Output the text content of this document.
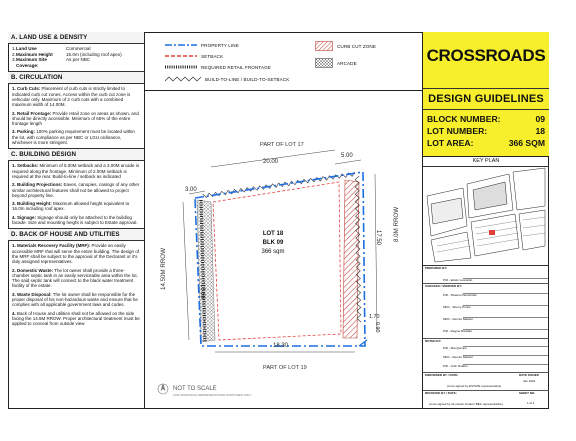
A. LAND USE & DENSITY
1. Land Use	Commercial
2. Maximum Height	16.0m (including roof apex)
3. Maximum Site Coverage:
As per NBC
B. CIRCULATION
1. Curb Cuts: Placement of curb cuts is strictly limited to indicated curb cut zones. Access within the curb cut zone is vehicular only. Maximum of 2 curb cuts with a combined maximum width of 14.00M.
2. Retail Frontage: Provide retail zone on areas as shown, and should be directly accessible. Minimum of 65% of the entire frontage length
3. Parking: 100% parking requirement must be located within the lot, with compliance as per NBC or LGU ordinance, whichever is more stringent.
C. BUILDING DESIGN
1. Setbacks: Minimum of 5.00M setback and a 3.00M arcade is required along the frontage. Minimum of 2.00M setback is required at the rear. Build-to-line / setback as indicated
2. Building Projections: Eaves, canopies, casings of any other similar architectural features shall not be allowed to project beyond property line.
3. Building Height: Maximum allowed height equivalent to 16.0m including roof apex.
4. Signage: Signage should only be attached to the building facade. Size and mounting height is subject to Estate approval.
D. BACK OF HOUSE AND UTILITIES
1. Materials Recovery Facility (MRF): Provide an easily accessible MRF that will serve the entire building. The design of the MRF shall be subject to the approval of the Declarant or it's duly assigned representatives.
2. Domestic Waste: The lot owner shall provide a three-chamber septic tank in an easily serviceable area within the lot. The said septic tank will connect to the black water treatment facility of the estate.
3. Waste Disposal: The lot owner shall be responsible for the proper disposal of his non-hazardous waste and ensure that he complies with all applicable government laws and codes.
4. Back of House and utilities shall not be allowed on the side facing the 14.5M RROW. Proper architectural treatment must be applied to conceal from outside view
PROPERTY LINE
SETBACK
REQUIRED RETAIL FRONTAGE
BUILD-TO-LINE / BUILD-TO-SETBACK
CURB CUT ZONE
ARCADE
PART OF LOT 17
PART OF LOT 19
20.00
5.00
3.00
18.66
17.50
0.90
18.30
1.70
14.50M RROW
8.0M RROW
LOT 18
BLK 09
366 sqm
NOT TO SCALE
FOR GRAPHICAL REPRESENTATION PURPOSES ONLY
CROSSROADS
DESIGN GUIDELINES
BLOCK NUMBER:	09
LOT NUMBER:	18
LOT AREA:	366 SQM
KEY PLAN
PREPARED BY:
PID - Edwin Leonardo
CHECKED / VERIFIED BY:
PID - Shaima Pancubrido
MDC - Sherry Ponce
MDC - Dennis Salazar
PID - Regine Rivadas
NOTED BY:
PID - Mia Quimpo
MDC - Dennis Salazar
PID - John Dulatre
ENDORSED BY / DATE:	DATE ISSUED
(to be signed by ESTATE representative)
Jan 2024
RECEIVED BY / DATE:	SHEET NO.
(to be signed by lot owner/ locator/ BEC representative)	1 of 1
